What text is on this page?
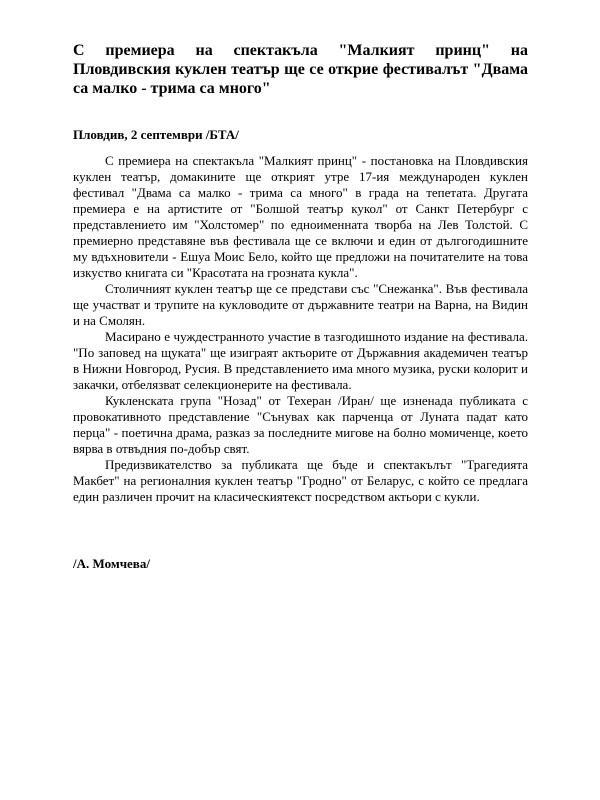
С премиера на спектакъла "Малкият принц" на Пловдивския куклен театър ще се открие фестивалът "Двама са малко - трима са много"

Пловдив, 2 септември /БТА/

С премиера на спектакъла "Малкият принц" - постановка на Пловдивския куклен театър, домакините ще открият утре 17-ия международен куклен фестивал "Двама са малко - трима са много" в града на тепетата. Другата премиера е на артистите от "Болшой театър кукол" от Санкт Петербург с представлението им "Холстомер" по едноименната творба на Лев Толстой. С премиерно представяне във фестивала ще се включи и един от дългогодишните му вдъхновители - Ешуа Моис Бело, който ще предложи на почитателите на това изкуство книгата си "Красотата на грозната кукла".

Столичният куклен театър ще се представи със "Снежанка". Във фестивала ще участват и трупите на кукловодите от държавните театри на Варна, на Видин и на Смолян.

Масирано е чуждестранното участие в тазгодишното издание на фестивала. "По заповед на щуката" ще изиграят актьорите от Държавния академичен театър в Нижни Новгород, Русия. В представлението има много музика, руски колорит и закачки, отбелязват селекционерите на фестивала.

Кукленската група "Нозад" от Техеран /Иран/ ще изненада публиката с провокативното представление "Сънувах как парченца от Луната падат като перца" - поетична драма, разказ за последните мигове на болно момиченце, което вярва в отвъдния по-добър свят.

Предизвикателство за публиката ще бъде и спектакълът "Трагедията Макбет" на регионалния куклен театър "Гродно" от Беларус, с който се предлага един различен прочит на класическиятекст посредством актьори с кукли.

/А. Момчева/
